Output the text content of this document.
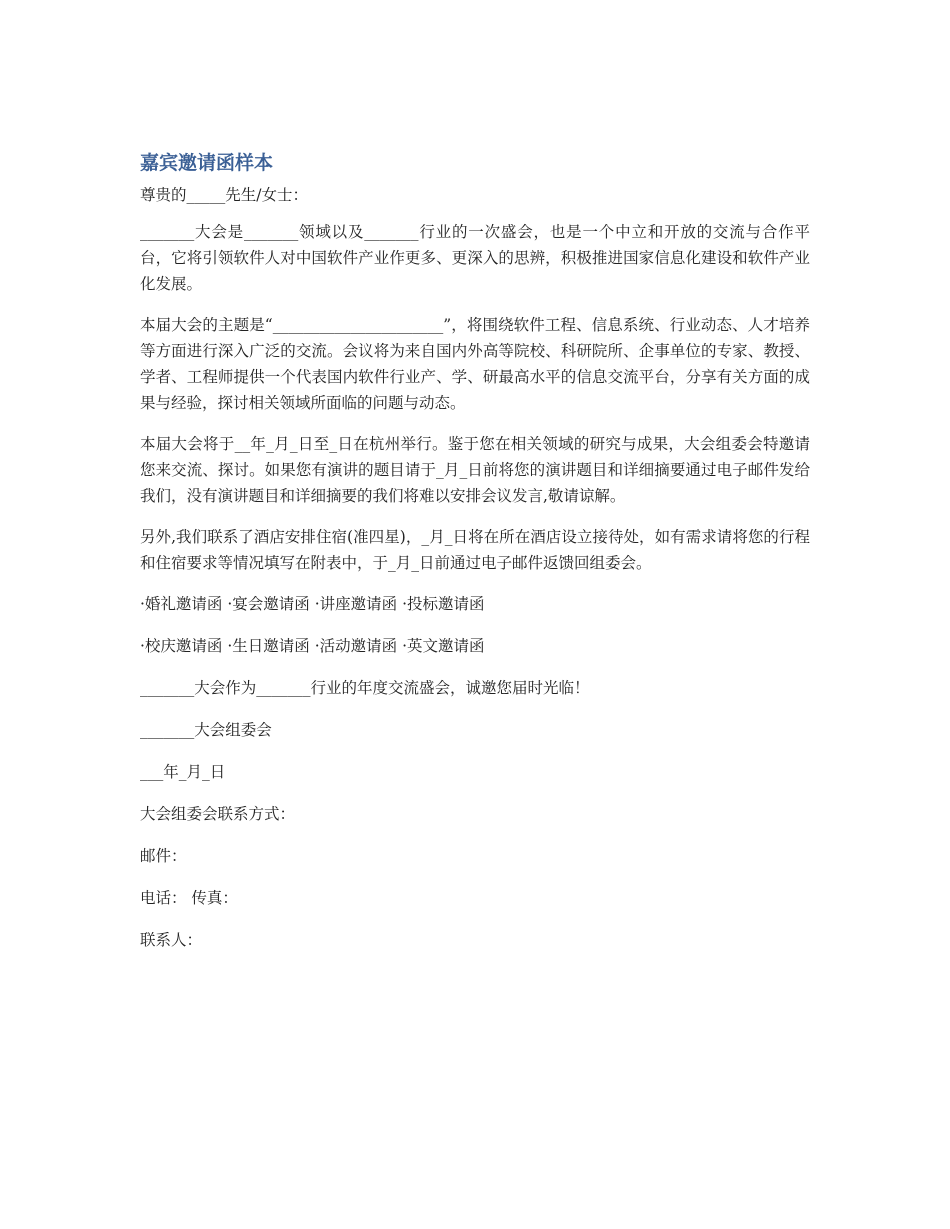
嘉宾邀请函样本

尊贵的_____先生/女士：

_______大会是_______领域以及_______行业的一次盛会，也是一个中立和开放的交流与合作平台，它将引领软件人对中国软件产业作更多、更深入的思辨，积极推进国家信息化建设和软件产业化发展。

本届大会的主题是“______________________”，将围绕软件工程、信息系统、行业动态、人才培养等方面进行深入广泛的交流。会议将为来自国内外高等院校、科研院所、企事单位的专家、教授、学者、工程师提供一个代表国内软件行业产、学、研最高水平的信息交流平台，分享有关方面的成果与经验，探讨相关领域所面临的问题与动态。

本届大会将于__年_月_日至_日在杭州举行。鉴于您在相关领域的研究与成果，大会组委会特邀请您来交流、探讨。如果您有演讲的题目请于_月_日前将您的演讲题目和详细摘要通过电子邮件发给我们，没有演讲题目和详细摘要的我们将难以安排会议发言,敬请谅解。

另外,我们联系了酒店安排住宿(准四星)，_月_日将在所在酒店设立接待处，如有需求请将您的行程和住宿要求等情况填写在附表中，于_月_日前通过电子邮件返馈回组委会。

·婚礼邀请函 ·宴会邀请函 ·讲座邀请函 ·投标邀请函

·校庆邀请函 ·生日邀请函 ·活动邀请函 ·英文邀请函

_______大会作为_______行业的年度交流盛会，诚邀您届时光临！

_______大会组委会

___年_月_日

大会组委会联系方式：

邮件：

电话： 传真：

联系人：
